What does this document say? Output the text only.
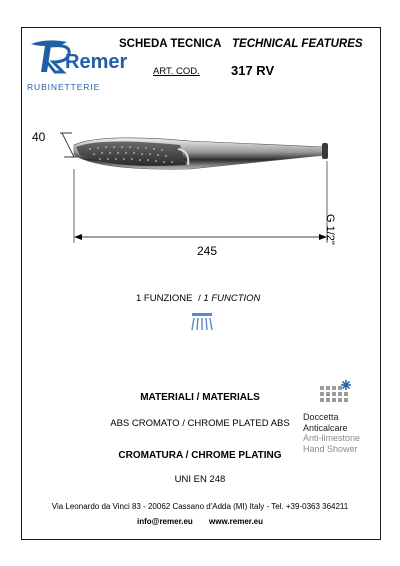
Remer
RUBINETTERIE
SCHEDA TECNICA TECHNICAL FEATURES
ART. COD. 317 RV
40
245
G 1/2"
1 FUNZIONE / 1 FUNCTION
MATERIALI / MATERIALS
ABS CROMATO / CHROME PLATED ABS
CROMATURA / CHROME PLATING
UNI EN 248
Doccetta
Anticalcare
Anti-limestone
Hand Shower
Via Leonardo da Vinci 83 - 20062 Cassano d'Adda (MI) Italy - Tel. +39-0363 364211
info@remer.eu www.remer.eu
